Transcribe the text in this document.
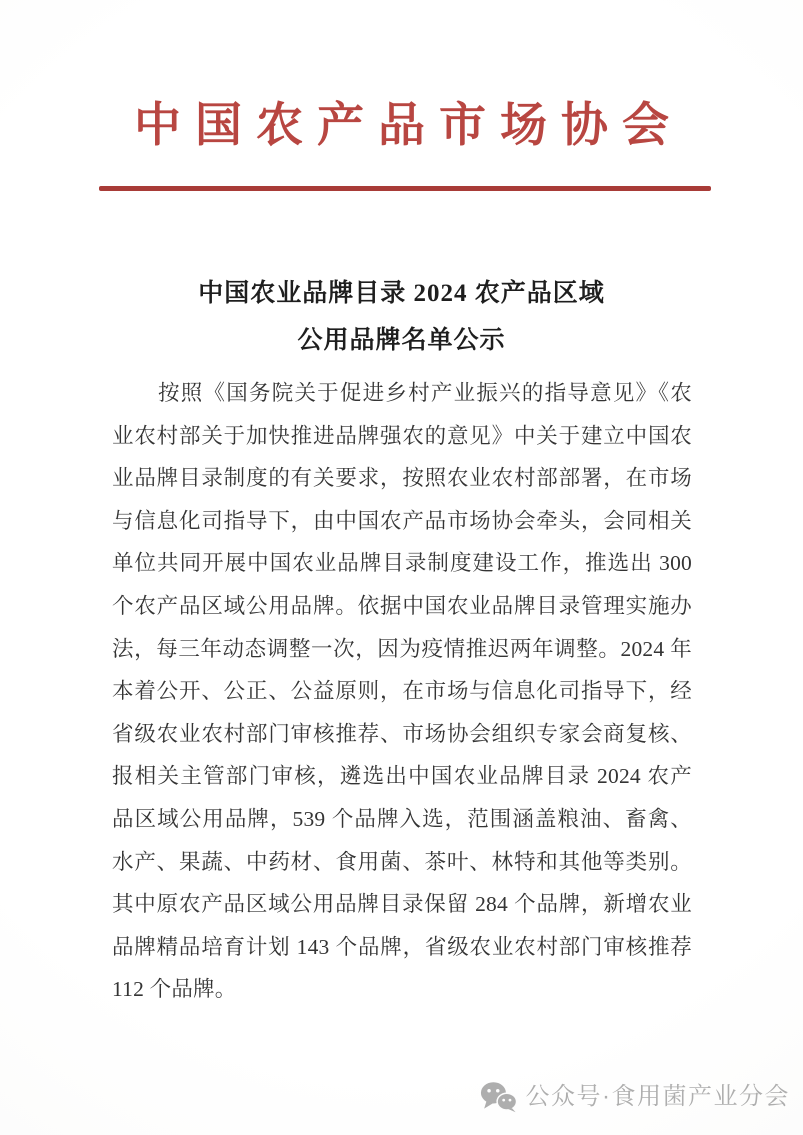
中国农产品市场协会
中国农业品牌目录 2024 农产品区域
公用品牌名单公示
按照《国务院关于促进乡村产业振兴的指导意见》《农
业农村部关于加快推进品牌强农的意见》中关于建立中国农
业品牌目录制度的有关要求，按照农业农村部部署，在市场
与信息化司指导下，由中国农产品市场协会牵头，会同相关
单位共同开展中国农业品牌目录制度建设工作，推选出 300
个农产品区域公用品牌。依据中国农业品牌目录管理实施办
法，每三年动态调整一次，因为疫情推迟两年调整。2024 年
本着公开、公正、公益原则，在市场与信息化司指导下，经
省级农业农村部门审核推荐、市场协会组织专家会商复核、
报相关主管部门审核，遴选出中国农业品牌目录 2024 农产
品区域公用品牌，539 个品牌入选，范围涵盖粮油、畜禽、
水产、果蔬、中药材、食用菌、茶叶、林特和其他等类别。
其中原农产品区域公用品牌目录保留 284 个品牌，新增农业
品牌精品培育计划 143 个品牌，省级农业农村部门审核推荐
112 个品牌。
公众号·食用菌产业分会
